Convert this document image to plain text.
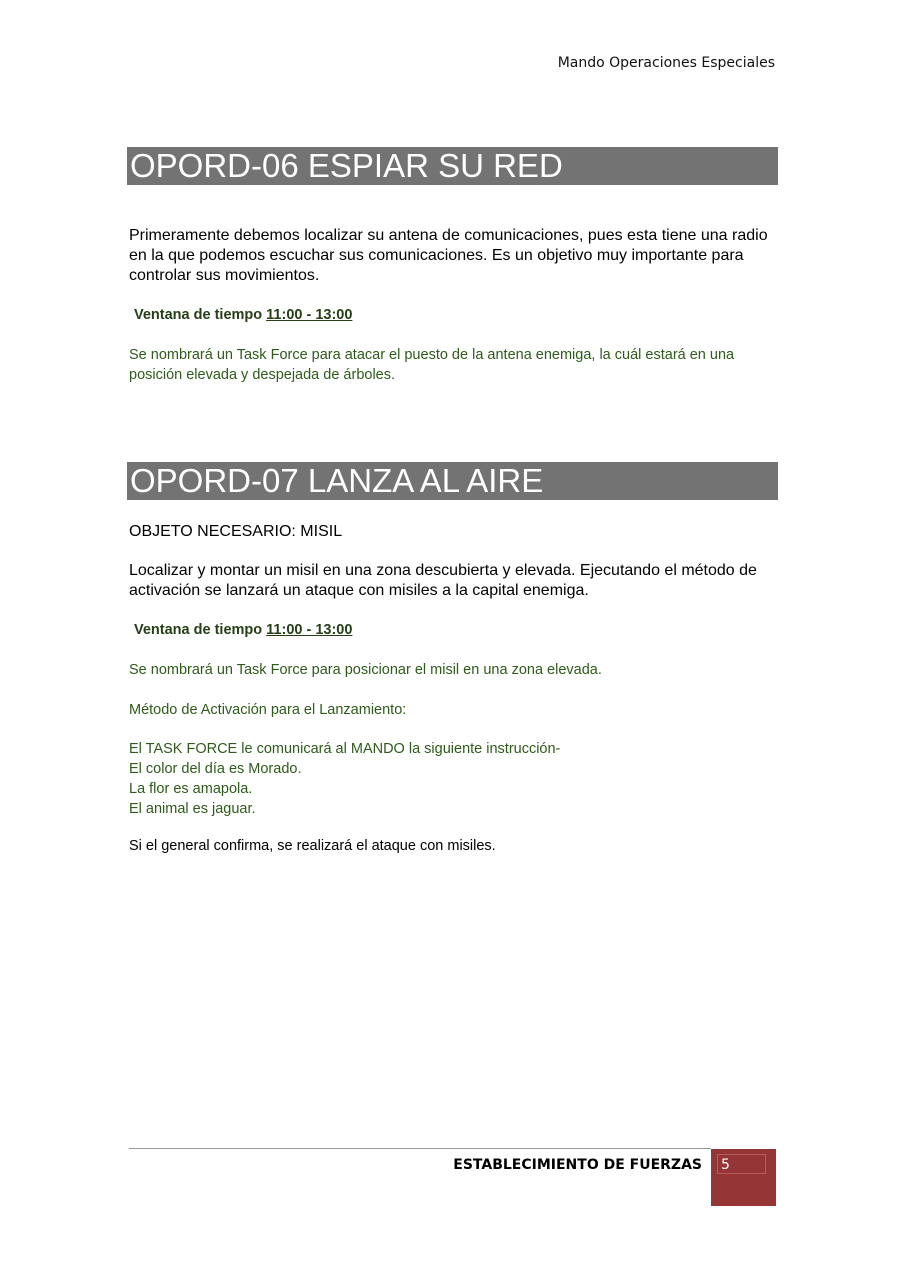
Mando Operaciones Especiales
OPORD-06 ESPIAR SU RED
Primeramente debemos localizar su antena de comunicaciones, pues esta tiene una radio en la que podemos escuchar sus comunicaciones. Es un objetivo muy importante para controlar sus movimientos.
Ventana de tiempo 11:00 - 13:00
Se nombrará un Task Force para atacar el puesto de la antena enemiga, la cuál estará en una posición elevada y despejada de árboles.
OPORD-07 LANZA AL AIRE
OBJETO NECESARIO: MISIL
Localizar y montar un misil en una zona descubierta y elevada. Ejecutando el método de activación se lanzará un ataque con misiles a la capital enemiga.
Ventana de tiempo 11:00 - 13:00
Se nombrará un Task Force para posicionar el misil en una zona elevada.
Método de Activación para el Lanzamiento:
El TASK FORCE le comunicará al MANDO la siguiente instrucción-
El color del día es Morado.
La flor es amapola.
El animal es jaguar.
Si el general confirma, se realizará el ataque con misiles.
ESTABLECIMIENTO DE FUERZAS 5
